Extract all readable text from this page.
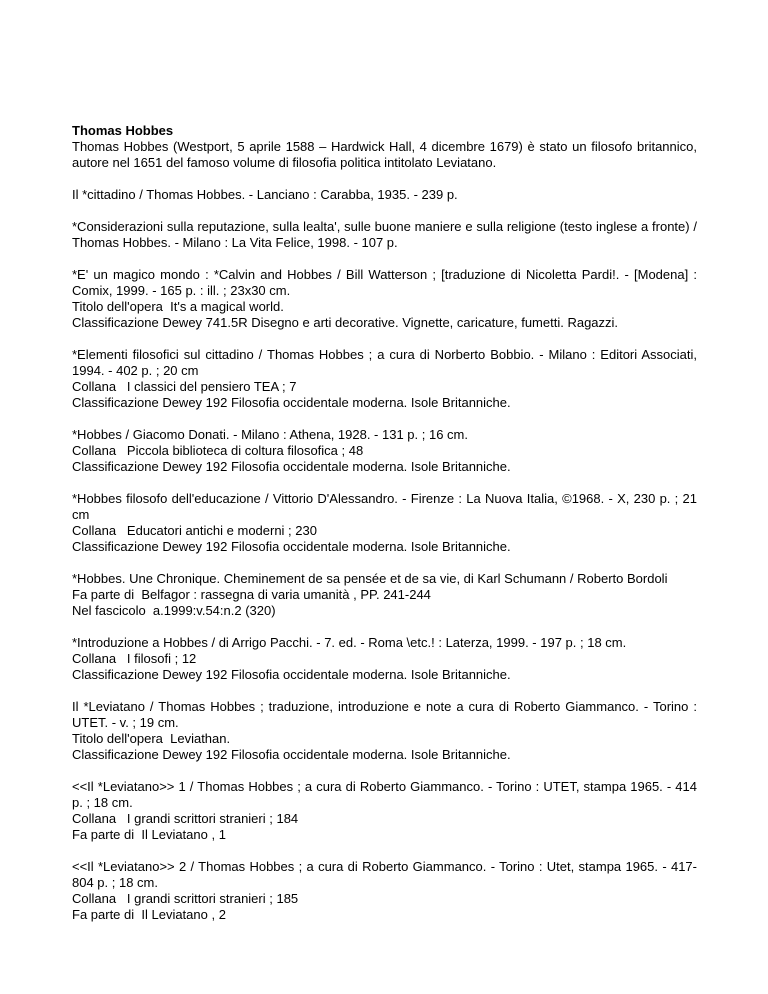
Thomas Hobbes
Thomas Hobbes (Westport, 5 aprile 1588 – Hardwick Hall, 4 dicembre 1679) è stato un filosofo britannico, autore nel 1651 del famoso volume di filosofia politica intitolato Leviatano.
Il *cittadino / Thomas Hobbes. - Lanciano : Carabba, 1935. - 239 p.
*Considerazioni sulla reputazione, sulla lealta', sulle buone maniere e sulla religione (testo inglese a fronte) / Thomas Hobbes. - Milano : La Vita Felice, 1998. - 107 p.
*E' un magico mondo : *Calvin and Hobbes / Bill Watterson ; [traduzione di Nicoletta Pardi!. - [Modena] : Comix, 1999. - 165 p. : ill. ; 23x30 cm.
Titolo dell'opera  It's a magical world.
Classificazione Dewey 741.5R Disegno e arti decorative. Vignette, caricature, fumetti. Ragazzi.
*Elementi filosofici sul cittadino / Thomas Hobbes ; a cura di Norberto Bobbio. - Milano : Editori Associati, 1994. - 402 p. ; 20 cm
Collana   I classici del pensiero TEA ; 7
Classificazione Dewey 192 Filosofia occidentale moderna. Isole Britanniche.
*Hobbes / Giacomo Donati. - Milano : Athena, 1928. - 131 p. ; 16 cm.
Collana   Piccola biblioteca di coltura filosofica ; 48
Classificazione Dewey 192 Filosofia occidentale moderna. Isole Britanniche.
*Hobbes filosofo dell'educazione / Vittorio D'Alessandro. - Firenze : La Nuova Italia, ©1968. - X, 230 p. ; 21 cm
Collana   Educatori antichi e moderni ; 230
Classificazione Dewey 192 Filosofia occidentale moderna. Isole Britanniche.
*Hobbes. Une Chronique. Cheminement de sa pensée et de sa vie, di Karl Schumann / Roberto Bordoli
Fa parte di  Belfagor : rassegna di varia umanità , PP. 241-244
Nel fascicolo  a.1999:v.54:n.2 (320)
*Introduzione a Hobbes / di Arrigo Pacchi. - 7. ed. - Roma \etc.! : Laterza, 1999. - 197 p. ; 18 cm.
Collana   I filosofi ; 12
Classificazione Dewey 192 Filosofia occidentale moderna. Isole Britanniche.
Il *Leviatano / Thomas Hobbes ; traduzione, introduzione e note a cura di Roberto Giammanco. - Torino : UTET. - v. ; 19 cm.
Titolo dell'opera  Leviathan.
Classificazione Dewey 192 Filosofia occidentale moderna. Isole Britanniche.
<<Il *Leviatano>> 1 / Thomas Hobbes ; a cura di Roberto Giammanco. - Torino : UTET, stampa 1965. - 414 p. ; 18 cm.
Collana   I grandi scrittori stranieri ; 184
Fa parte di  Il Leviatano , 1
<<Il *Leviatano>> 2 / Thomas Hobbes ; a cura di Roberto Giammanco. - Torino : Utet, stampa 1965. - 417-804 p. ; 18 cm.
Collana   I grandi scrittori stranieri ; 185
Fa parte di  Il Leviatano , 2
